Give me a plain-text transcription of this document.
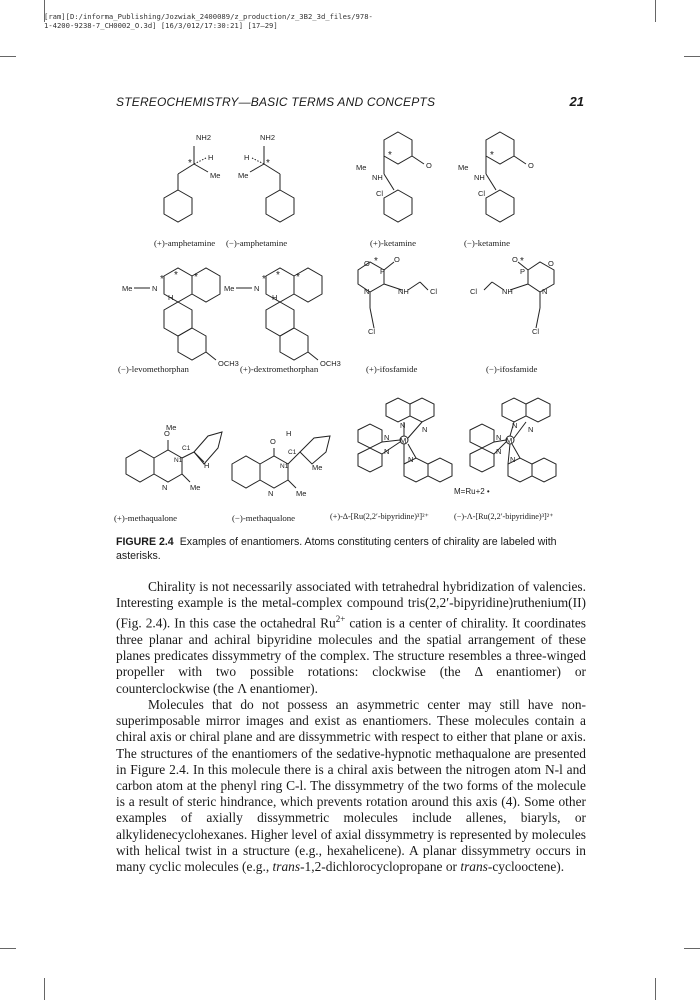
[ram][D:/informa_Publishing/Jozwiak_2400089/z_production/z_3B2_3d_files/978-
1-4200-9238-7_CH0002_O.3d] [16/3/012/17:30:21] [17–29]
STEREOCHEMISTRY—BASIC TERMS AND CONCEPTS	21
NH2
H
Me
*
NH2
H
Me
*	O
Me
NH
Cl
*
O
Me
NH
Cl
*
Me	N
OCH3
H
* * *
Me	N
OCH3
H
* * *
O
P
O
N	NH	Cl
Cl
*
P
O
O
N
NH
Cl
Cl
*
O
Me
C1
N1
H
N	Me
O
H
C1
N1	Me
N	Me
M
N N
N
N
N
M
N N
N
N
N
M=Ru+2 •
(+)-amphetamine (−)-amphetamine	(+)-ketamine	(−)-ketamine
(−)-levomethorphan	(+)-dextromethorphan	(+)-ifosfamide	(−)-ifosfamide
(+)-methaqualone	(−)-methaqualone	(+)-Δ-[Ru(2,2′-bipyridine)³]²⁺	(−)-Λ-[Ru(2,2′-bipyridine)³]²⁺
FIGURE 2.4 Examples of enantiomers. Atoms constituting centers of chirality are labeled with asterisks.

Chirality is not necessarily associated with tetrahedral hybridization of valencies. Interesting example is the metal-complex compound tris(2,2′-bipyridine)ruthenium(II) (Fig. 2.4). In this case the octahedral $Ru^{2+}$ cation is a center of chirality. It coordinates three planar and achiral bipyridine molecules and the spatial arrangement of these planes predicates dissymmetry of the complex. The structure resembles a three-winged propeller with two possible rotations: clockwise (the Δ enantiomer) or counterclockwise (the Λ enantiomer).

Molecules that do not possess an asymmetric center may still have non-superimposable mirror images and exist as enantiomers. These molecules contain a chiral axis or chiral plane and are dissymmetric with respect to either that plane or axis. The structures of the enantiomers of the sedative-hypnotic methaqualone are presented in Figure 2.4. In this molecule there is a chiral axis between the nitrogen atom N-l and carbon atom at the phenyl ring C-l. The dissymmetry of the two forms of the molecule is a result of steric hindrance, which prevents rotation around this axis (4). Some other examples of axially dissymmetric molecules include allenes, biaryls, or alkylidenecyclohexanes. Higher level of axial dissymmetry is represented by molecules with helical twist in a structure (e.g., hexahelicene). A planar dissymmetry occurs in many cyclic molecules (e.g., trans-1,2-dichlorocyclopropane or trans-cyclooctene).
